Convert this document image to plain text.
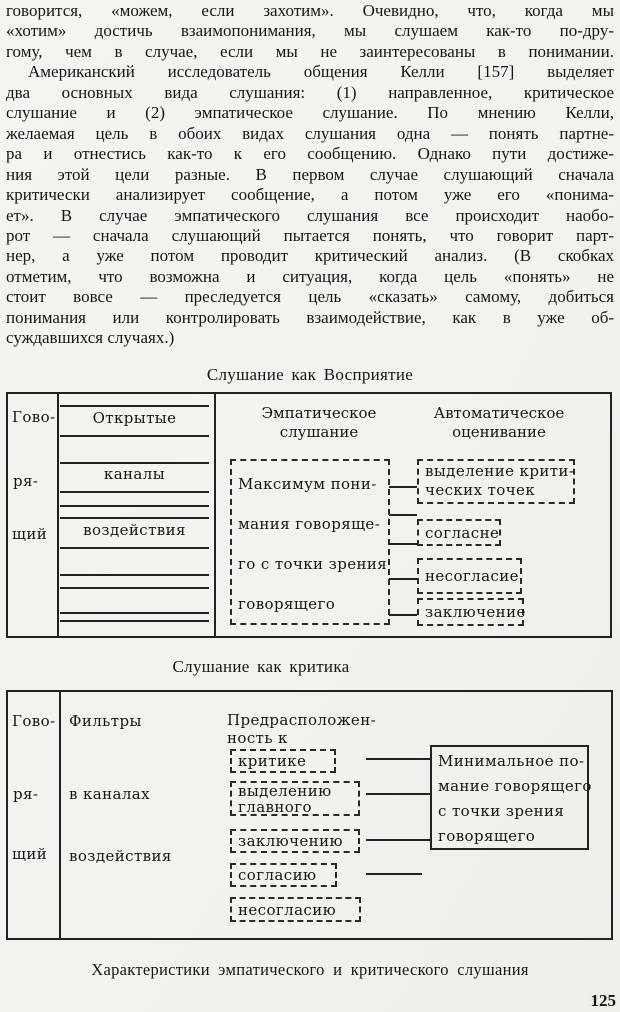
говорится, «можем, если захотим». Очевидно, что, когда мы
«хотим» достичь взаимопонимания, мы слушаем как-то по-дру-
гому, чем в случае, если мы не заинтересованы в понимании.
Американский исследователь общения Келли [157] выделяет
два основных вида слушания: (1) направленное, критическое
слушание и (2) эмпатическое слушание. По мнению Келли,
желаемая цель в обоих видах слушания одна — понять партне-
ра и отнестись как-то к его сообщению. Однако пути достиже-
ния этой цели разные. В первом случае слушающий сначала
критически анализирует сообщение, а потом уже его «понима-
ет». В случае эмпатического слушания все происходит наобо-
рот — сначала слушающий пытается понять, что говорит парт-
нер, а уже потом проводит критический анализ. (В скобках
отметим, что возможна и ситуация, когда цель «понять» не
стоит вовсе — преследуется цель «сказать» самому, добиться
понимания или контролировать взаимодействие, как в уже об-
суждавшихся случаях.)
Слушание как Восприятие
Гово-
ря-
щий
Открытые
каналы
воздействия
Эмпатическое
слушание
Автоматическое
оценивание
Максимум пони-
мания говоряще-
го с точки зрения
говорящего
выделение крити-
ческих точек
согласне
несогласие
заключение
Слушание как критика
Гово-
ря-
щий
Фильтры
в каналах
воздействия
Предрасположен-
ность к
критике
выделению
главного
заключению
согласию
несогласию
Минимальное по-
мание говорящего
с точки зрения
говорящего
Характеристики эмпатического и критического слушания
125
